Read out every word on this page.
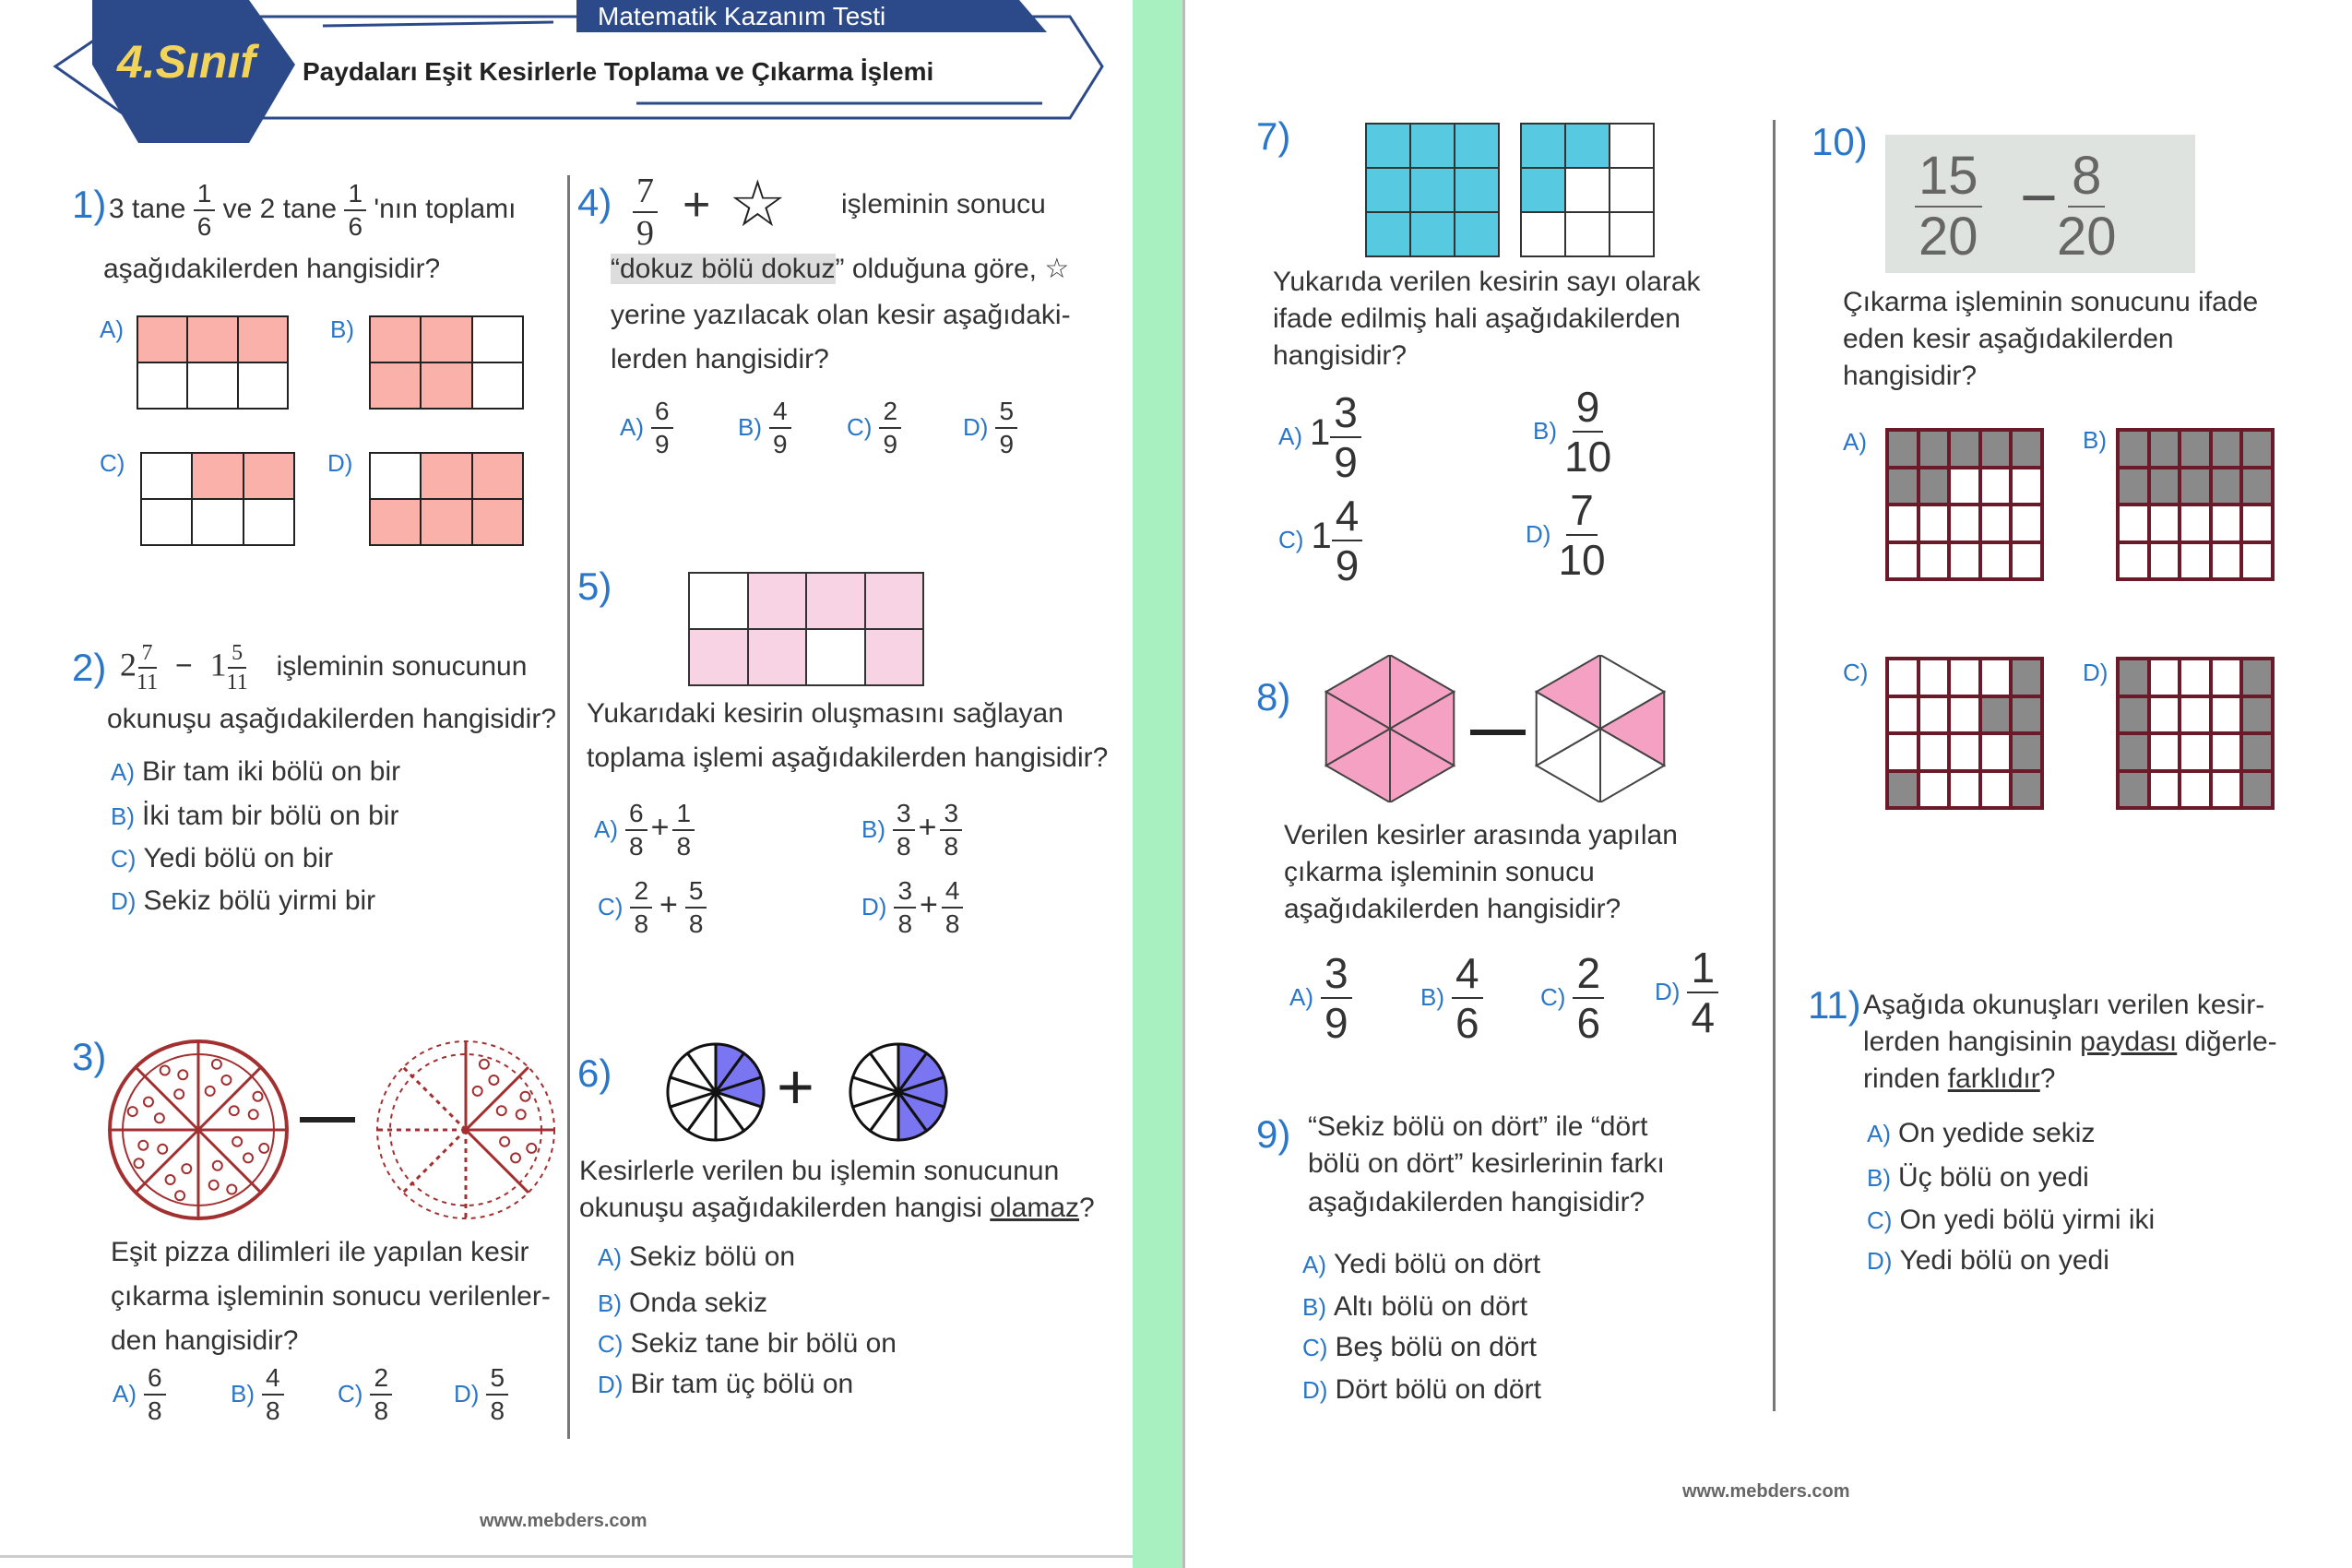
Matematik Kazanım Testi
4.Sınıf	Paydaları Eşit Kesirlerle Toplama ve Çıkarma İşlemi
1) 3 tane $\frac{1}{6}$ ve 2 tane $\frac{1}{6}$ 'nın toplamı
aşağıdakilerden hangisidir?
A)	B)
C)	D)
2) $2 \frac{7}{11} - 1 \frac{5}{11}$ işleminin sonucunun
okunuşu aşağıdakilerden hangisidir?
A) Bir tam iki bölü on bir
B) İki tam bir bölü on bir
C) Yedi bölü on bir
D) Sekiz bölü yirmi bir
3)
—
Eşit pizza dilimleri ile yapılan kesir
çıkarma işleminin sonucu verilenler-
den hangisidir?
$A) \frac{6}{8}$	$B) \frac{4}{8} C) \frac{2}{8}$	$D) \frac{5}{8}$
$4) \frac{7}{9}$ + ☆ işleminin sonucu
“dokuz bölü dokuz” olduğuna göre, ☆
yerine yazılacak olan kesir aşağıdaki-
lerden hangisidir?
$A) \frac{6}{9}$	$B) \frac{4}{9} C) \frac{2}{9}$	$D) \frac{5}{9}$
5)
Yukarıdaki kesirin oluşmasını sağlayan
toplama işlemi aşağıdakilerden hangisidir?
$A) \frac{6}{8} + \frac{1}{8}$	$B) \frac{3}{8} + \frac{3}{8}$
$C) \frac{2}{8} + \frac{5}{8}$	$D) \frac{3}{8} + \frac{4}{8}$
6)	+
Kesirlerle verilen bu işlemin sonucunun
okunuşu aşağıdakilerden hangisi olamaz?
A) Sekiz bölü on
B) Onda sekiz
C) Sekiz tane bir bölü on
D) Bir tam üç bölü on
www.mebders.com
7)
Yukarıda verilen kesirin sayı olarak
ifade edilmiş hali aşağıdakilerden
hangisidir?
A) $1 \frac{3}{9}$	$B) \frac{9}{10}$
C) $1 \frac{4}{9}$	$D) \frac{7}{10}$
8)
—
Verilen kesirler arasında yapılan
çıkarma işleminin sonucu
aşağıdakilerden hangisidir?
$A) \frac{3}{9}$	$B) \frac{4}{6} C) \frac{2}{6} D) \frac{1}{4}$
9) “Sekiz bölü on dört” ile “dört
bölü on dört” kesirlerinin farkı
aşağıdakilerden hangisidir?
A) Yedi bölü on dört
B) Altı bölü on dört
C) Beş bölü on dört
D) Dört bölü on dört
10)
$\frac{15}{20} - \frac{8}{20}$
Çıkarma işleminin sonucunu ifade
eden kesir aşağıdakilerden
hangisidir?
A)	B)
C)	D)
11) Aşağıda okunuşları verilen kesir-
lerden hangisinin paydası diğerle-
rinden farklıdır?
A) On yedide sekiz
B) Üç bölü on yedi
C) On yedi bölü yirmi iki
D) Yedi bölü on yedi
www.mebders.com
